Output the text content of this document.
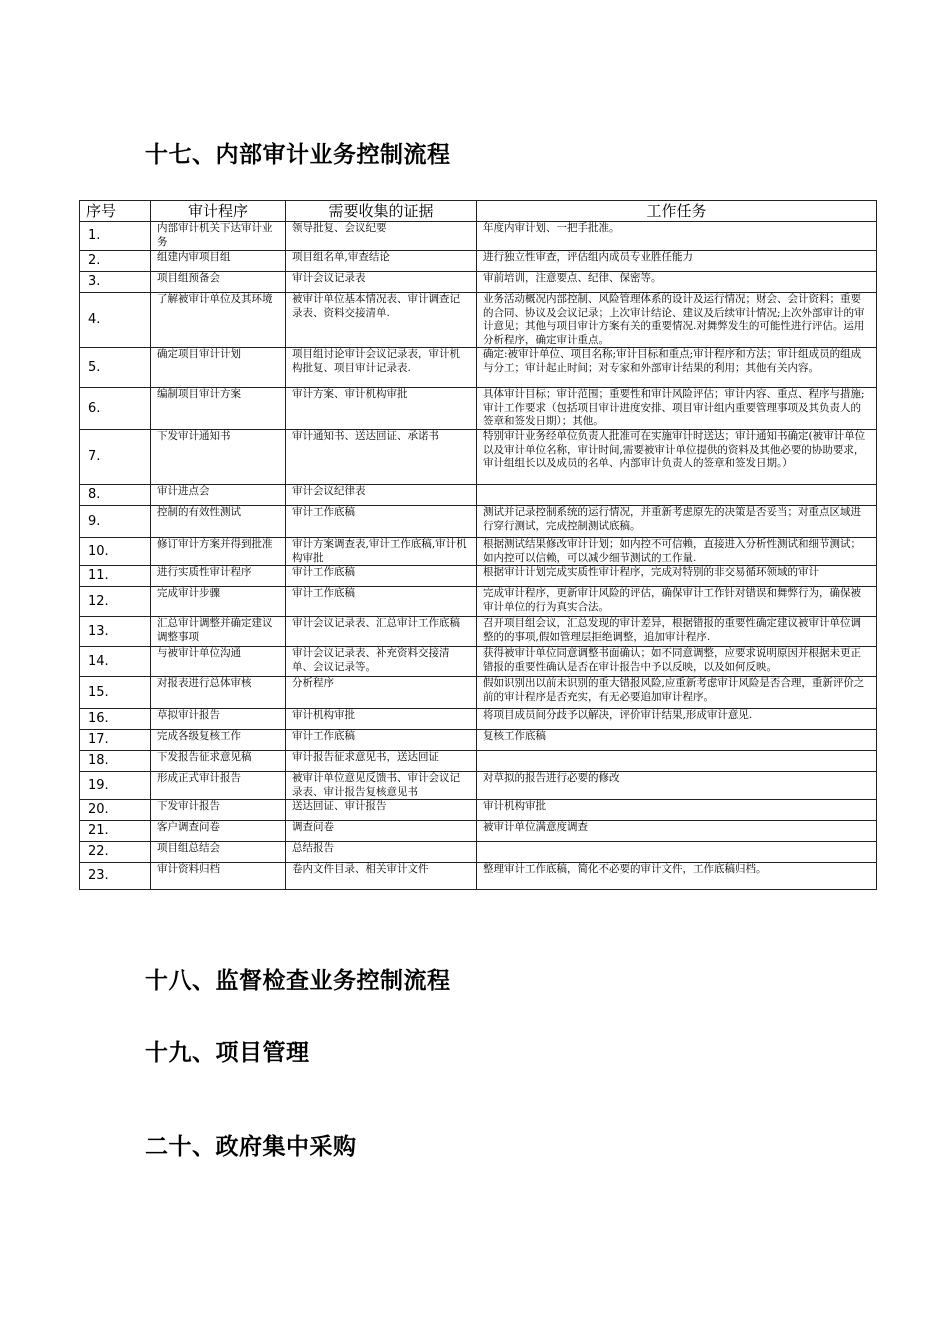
十七、内部审计业务控制流程
序号	审计程序	需要收集的证据	工作任务
1.	内部审计机关下达审计业务	领导批复、会议纪要	年度内审计划、一把手批准。
2.	组建内审项目组	项目组名单,审查结论	进行独立性审查，评估组内成员专业胜任能力
3.	项目组预备会	审计会议记录表	审前培训，注意要点、纪律、保密等。
4.	了解被审计单位及其环境	被审计单位基本情况表、审计调查记录表、资料交接清单.	业务活动概况内部控制、风险管理体系的设计及运行情况；财会、会计资料；重要的合同、协议及会议记录；上次审计结论、建议及后续审计情况;上次外部审计的审计意见；其他与项目审计方案有关的重要情况.对舞弊发生的可能性进行评估。运用分析程序，确定审计重点。
5.	确定项目审计计划	项目组讨论审计会议记录表，审计机构批复、项目审计记录表.	确定:被审计单位、项目名称;审计目标和重点;审计程序和方法；审计组成员的组成与分工；审计起止时间；对专家和外部审计结果的利用；其他有关内容。
6.	编制项目审计方案	审计方案、审计机构审批	具体审计目标；审计范围；重要性和审计风险评估；审计内容、重点、程序与措施;审计工作要求（包括项目审计进度安排、项目审计组内重要管理事项及其负责人的签章和签发日期）；其他。
7.	下发审计通知书	审计通知书、送达回证、承诺书	特别审计业务经单位负责人批准可在实施审计时送达；审计通知书确定(被审计单位以及审计单位名称，审计时间,需要被审计单位提供的资料及其他必要的协助要求，审计组组长以及成员的名单、内部审计负责人的签章和签发日期。）
8.	审计进点会	审计会议纪律表	
9.	控制的有效性测试	审计工作底稿	测试并记录控制系统的运行情况，并重新考虑原先的决策是否妥当；对重点区域进行穿行测试，完成控制测试底稿。
10.	修订审计方案并得到批准	审计方案调查表,审计工作底稿,审计机构审批	根据测试结果修改审计计划；如内控不可信赖，直接进入分析性测试和细节测试；如内控可以信赖，可以减少细节测试的工作量.
11.	进行实质性审计程序	审计工作底稿	根据审计计划完成实质性审计程序，完成对特别的非交易循环领域的审计
12.	完成审计步骤	审计工作底稿	完成审计程序，更新审计风险的评估，确保审计工作针对错误和舞弊行为，确保被审计单位的行为真实合法。
13.	汇总审计调整并确定建议调整事项	审计会议记录表、汇总审计工作底稿	召开项目组会议，汇总发现的审计差异，根据错报的重要性确定建议被审计单位调整的的事项,假如管理层拒绝调整，追加审计程序.
14.	与被审计单位沟通	审计会议记录表、补充资料交接清单、会议记录等。	获得被审计单位同意调整书面确认；如不同意调整，应要求说明原因并根据未更正错报的重要性确认是否在审计报告中予以反映，以及如何反映。
15.	对报表进行总体审核	分析程序	假如识别出以前未识别的重大错报风险,应重新考虑审计风险是否合理，重新评价之前的审计程序是否充实，有无必要追加审计程序。
16.	草拟审计报告	审计机构审批	将项目成员间分歧予以解决，评价审计结果,形成审计意见.
17.	完成各级复核工作	审计工作底稿	复核工作底稿
18.	下发报告征求意见稿	审计报告征求意见书，送达回证	
19.	形成正式审计报告	被审计单位意见反馈书、审计会议记录表、审计报告复核意见书	对草拟的报告进行必要的修改
20.	下发审计报告	送达回证、审计报告	审计机构审批
21.	客户调查问卷	调查问卷	被审计单位满意度调查
22.	项目组总结会	总结报告	
23.	审计资料归档	卷内文件目录、相关审计文件	整理审计工作底稿，简化不必要的审计文件，工作底稿归档。
十八、监督检查业务控制流程
十九、项目管理
二十、政府集中采购
